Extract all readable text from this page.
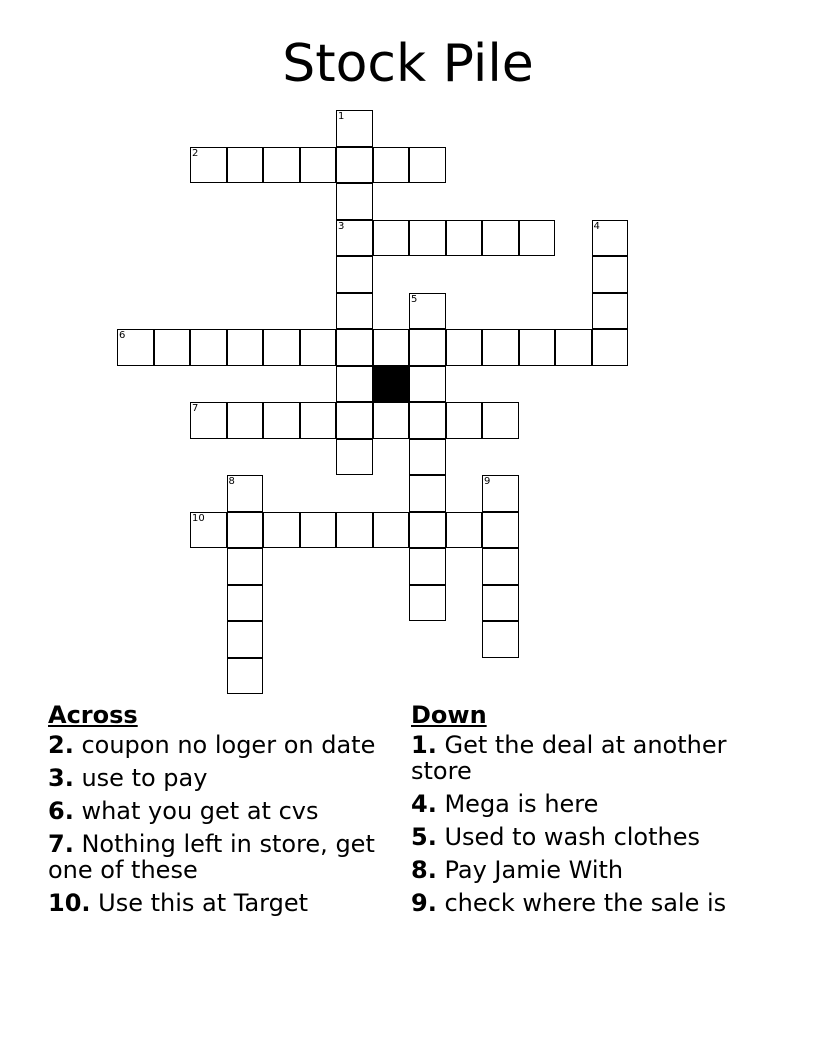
Stock Pile
1
3
2
4
5
6
7
8	9
10
Across
2. coupon no loger on date
3. use to pay
6. what you get at cvs
7. Nothing left in store, get one of these
10. Use this at Target
Down
1. Get the deal at another store
4. Mega is here
5. Used to wash clothes
8. Pay Jamie With
9. check where the sale is
